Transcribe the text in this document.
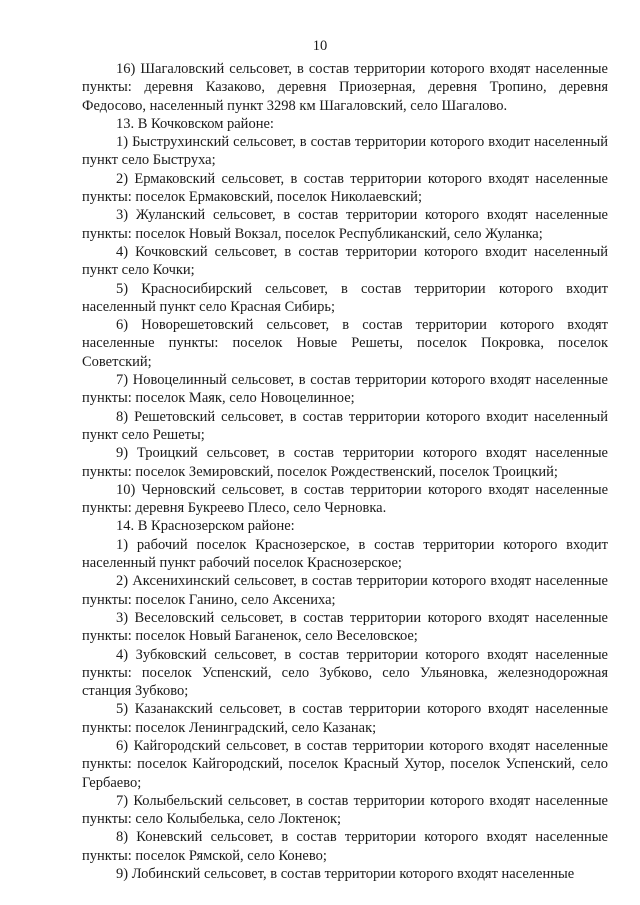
10

16) Шагаловский сельсовет, в состав территории которого входят населенные пункты: деревня Казаково, деревня Приозерная, деревня Тропино, деревня Федосово, населенный пункт 3298 км Шагаловский, село Шагалово.

13. В Кочковском районе:

1) Быструхинский сельсовет, в состав территории которого входит населенный пункт село Быструха;

2) Ермаковский сельсовет, в состав территории которого входят населенные пункты: поселок Ермаковский, поселок Николаевский;

3) Жуланский сельсовет, в состав территории которого входят населенные пункты: поселок Новый Вокзал, поселок Республиканский, село Жуланка;

4) Кочковский сельсовет, в состав территории которого входит населенный пункт село Кочки;

5) Красносибирский сельсовет, в состав территории которого входит населенный пункт село Красная Сибирь;

6) Новорешетовский сельсовет, в состав территории которого входят населенные пункты: поселок Новые Решеты, поселок Покровка, поселок Советский;

7) Новоцелинный сельсовет, в состав территории которого входят населенные пункты: поселок Маяк, село Новоцелинное;

8) Решетовский сельсовет, в состав территории которого входит населенный пункт село Решеты;

9) Троицкий сельсовет, в состав территории которого входят населенные пункты: поселок Земировский, поселок Рождественский, поселок Троицкий;

10) Черновский сельсовет, в состав территории которого входят населенные пункты: деревня Букреево Плесо, село Черновка.

14. В Краснозерском районе:

1) рабочий поселок Краснозерское, в состав территории которого входит населенный пункт рабочий поселок Краснозерское;

2) Аксенихинский сельсовет, в состав территории которого входят населенные пункты: поселок Ганино, село Аксениха;

3) Веселовский сельсовет, в состав территории которого входят населенные пункты: поселок Новый Баганенок, село Веселовское;

4) Зубковский сельсовет, в состав территории которого входят населенные пункты: поселок Успенский, село Зубково, село Ульяновка, железнодорожная станция Зубково;

5) Казанакский сельсовет, в состав территории которого входят населенные пункты: поселок Ленинградский, село Казанак;

6) Кайгородский сельсовет, в состав территории которого входят населенные пункты: поселок Кайгородский, поселок Красный Хутор, поселок Успенский, село Гербаево;

7) Колыбельский сельсовет, в состав территории которого входят населенные пункты: село Колыбелька, село Локтенок;

8) Коневский сельсовет, в состав территории которого входят населенные пункты: поселок Рямской, село Конево;

9) Лобинский сельсовет, в состав территории которого входят населенные
